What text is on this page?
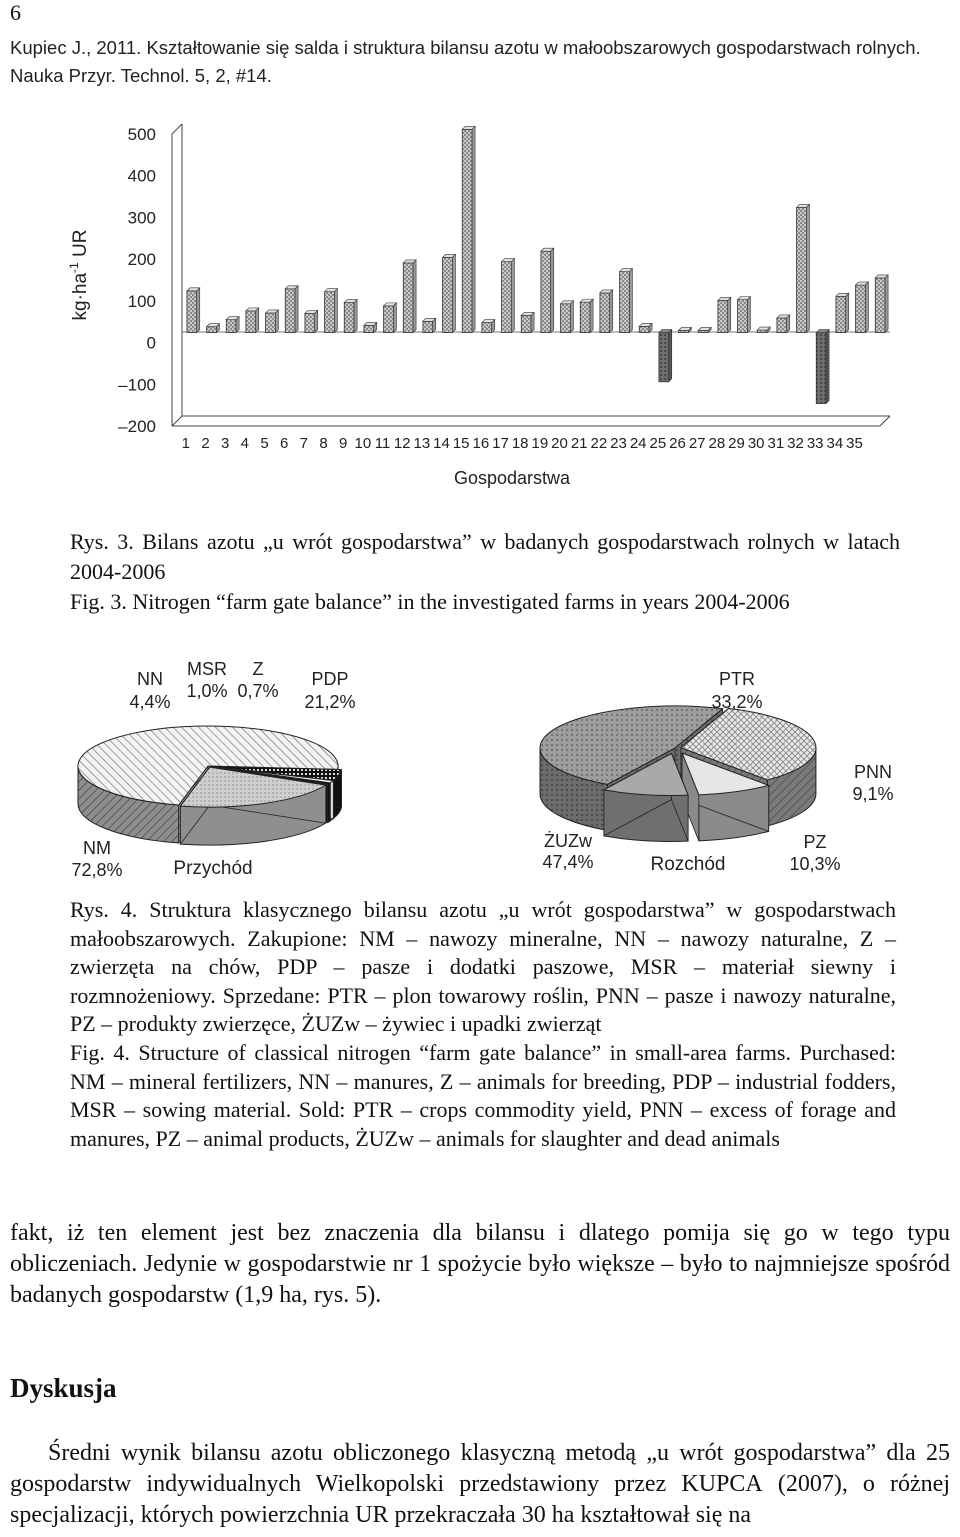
6
Kupiec J., 2011. Kształtowanie się salda i struktura bilansu azotu w małoobszarowych gospodarstwach rolnych. Nauka Przyr. Technol. 5, 2, #14.
500
400
300
200
100
0
–100
–200
1 2 3 4 5 6 7 8 9 10 11 12 13 14 15 16 17 18 19 20 21 22 23 24 25 26 27 28 29 30 31 32 33 34 35
Gospodarstwa
$kg\cdot ha^{-1}$ UR
Rys. 3. Bilans azotu „u wrót gospodarstwa” w badanych gospodarstwach rolnych w latach 2004-2006
Fig. 3. Nitrogen “farm gate balance” in the investigated farms in years 2004-2006
NN
4,4%
MSR
1,0%
Z
0,7%
PDP
21,2%
NM
72,8%	Przychód
PTR
33,2%
PNN
9,1%
ŻUZw
47,4%
PZ
10,3%
Rozchód
Rys. 4. Struktura klasycznego bilansu azotu „u wrót gospodarstwa” w gospodarstwach małoobszarowych. Zakupione: NM – nawozy mineralne, NN – nawozy naturalne, Z – zwierzęta na chów, PDP – pasze i dodatki paszowe, MSR – materiał siewny i rozmnożeniowy. Sprzedane: PTR – plon towarowy roślin, PNN – pasze i nawozy naturalne, PZ – produkty zwierzęce, ŻUZw – żywiec i upadki zwierząt
Fig. 4. Structure of classical nitrogen “farm gate balance” in small-area farms. Purchased: NM – mineral fertilizers, NN – manures, Z – animals for breeding, PDP – industrial fodders, MSR – sowing material. Sold: PTR – crops commodity yield, PNN – excess of forage and manures, PZ – animal products, ŻUZw – animals for slaughter and dead animals
fakt, iż ten element jest bez znaczenia dla bilansu i dlatego pomija się go w tego typu obliczeniach. Jedynie w gospodarstwie nr 1 spożycie było większe – było to najmniejsze spośród badanych gospodarstw (1,9 ha, rys. 5).
Dyskusja
Średni wynik bilansu azotu obliczonego klasyczną metodą „u wrót gospodarstwa” dla 25 gospodarstw indywidualnych Wielkopolski przedstawiony przez KUPCA (2007), o różnej specjalizacji, których powierzchnia UR przekraczała 30 ha kształtował się na
